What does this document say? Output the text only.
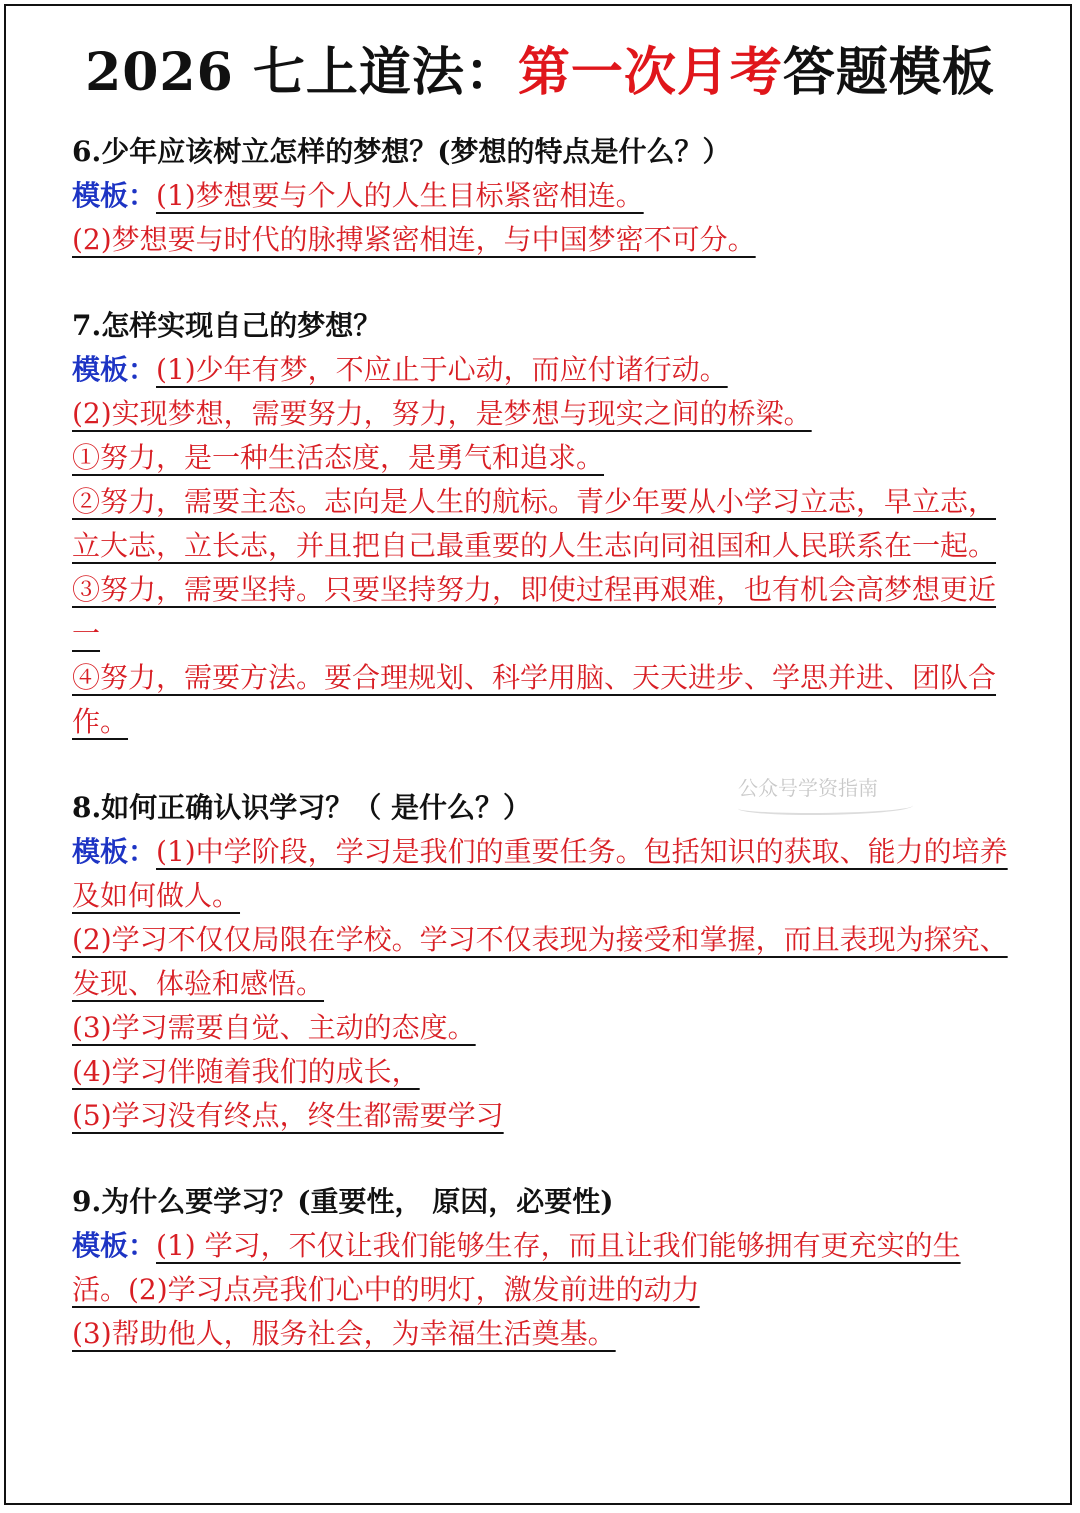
2026 七上道法：第一次月考答题模板
6.少年应该树立怎样的梦想？(梦想的特点是什么？）
模板：(1)梦想要与个人的人生目标紧密相连。
(2)梦想要与时代的脉搏紧密相连，与中国梦密不可分。
7.怎样实现自己的梦想？
模板：(1)少年有梦，不应止于心动，而应付诸行动。
(2)实现梦想，需要努力，努力，是梦想与现实之间的桥梁。
①努力，是一种生活态度，是勇气和追求。
②努力，需要主态。志向是人生的航标。青少年要从小学习立志，早立志，立大志，立长志，并且把自己最重要的人生志向同祖国和人民联系在一起。
③努力，需要坚持。只要坚持努力，即使过程再艰难，也有机会高梦想更近一
④努力，需要方法。要合理规划、科学用脑、天天进步、学思并进、团队合作。
8.如何正确认识学习？（ 是什么？）
模板：(1)中学阶段，学习是我们的重要任务。包括知识的获取、能力的培养及如何做人。
(2)学习不仅仅局限在学校。学习不仅表现为接受和掌握，而且表现为探究、发现、体验和感悟。
(3)学习需要自觉、主动的态度。
(4)学习伴随着我们的成长，
(5)学习没有终点，终生都需要学习
9.为什么要学习？(重要性， 原因，必要性)
模板：(1) 学习，不仅让我们能够生存，而且让我们能够拥有更充实的生活。(2)学习点亮我们心中的明灯，激发前进的动力
(3)帮助他人，服务社会，为幸福生活奠基。
公众号学资指南
